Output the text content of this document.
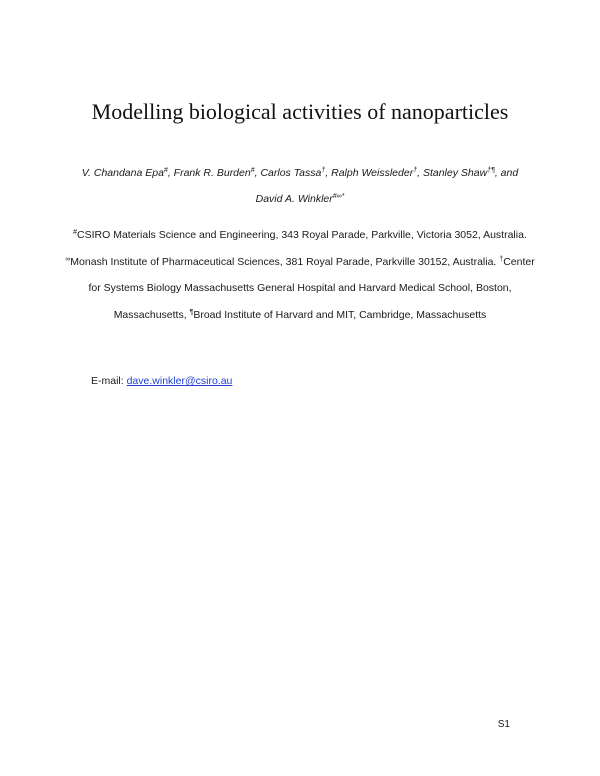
Modelling biological activities of nanoparticles
V. Chandana Epa#, Frank R. Burden#, Carlos Tassa†, Ralph Weissleder†, Stanley Shaw†¶, and
David A. Winkler#∞*
#CSIRO Materials Science and Engineering, 343 Royal Parade, Parkville, Victoria 3052, Australia. ∞Monash Institute of Pharmaceutical Sciences, 381 Royal Parade, Parkville 30152, Australia. †Center for Systems Biology Massachusetts General Hospital and Harvard Medical School, Boston, Massachusetts, ¶Broad Institute of Harvard and MIT, Cambridge, Massachusetts
E-mail: dave.winkler@csiro.au
S1
